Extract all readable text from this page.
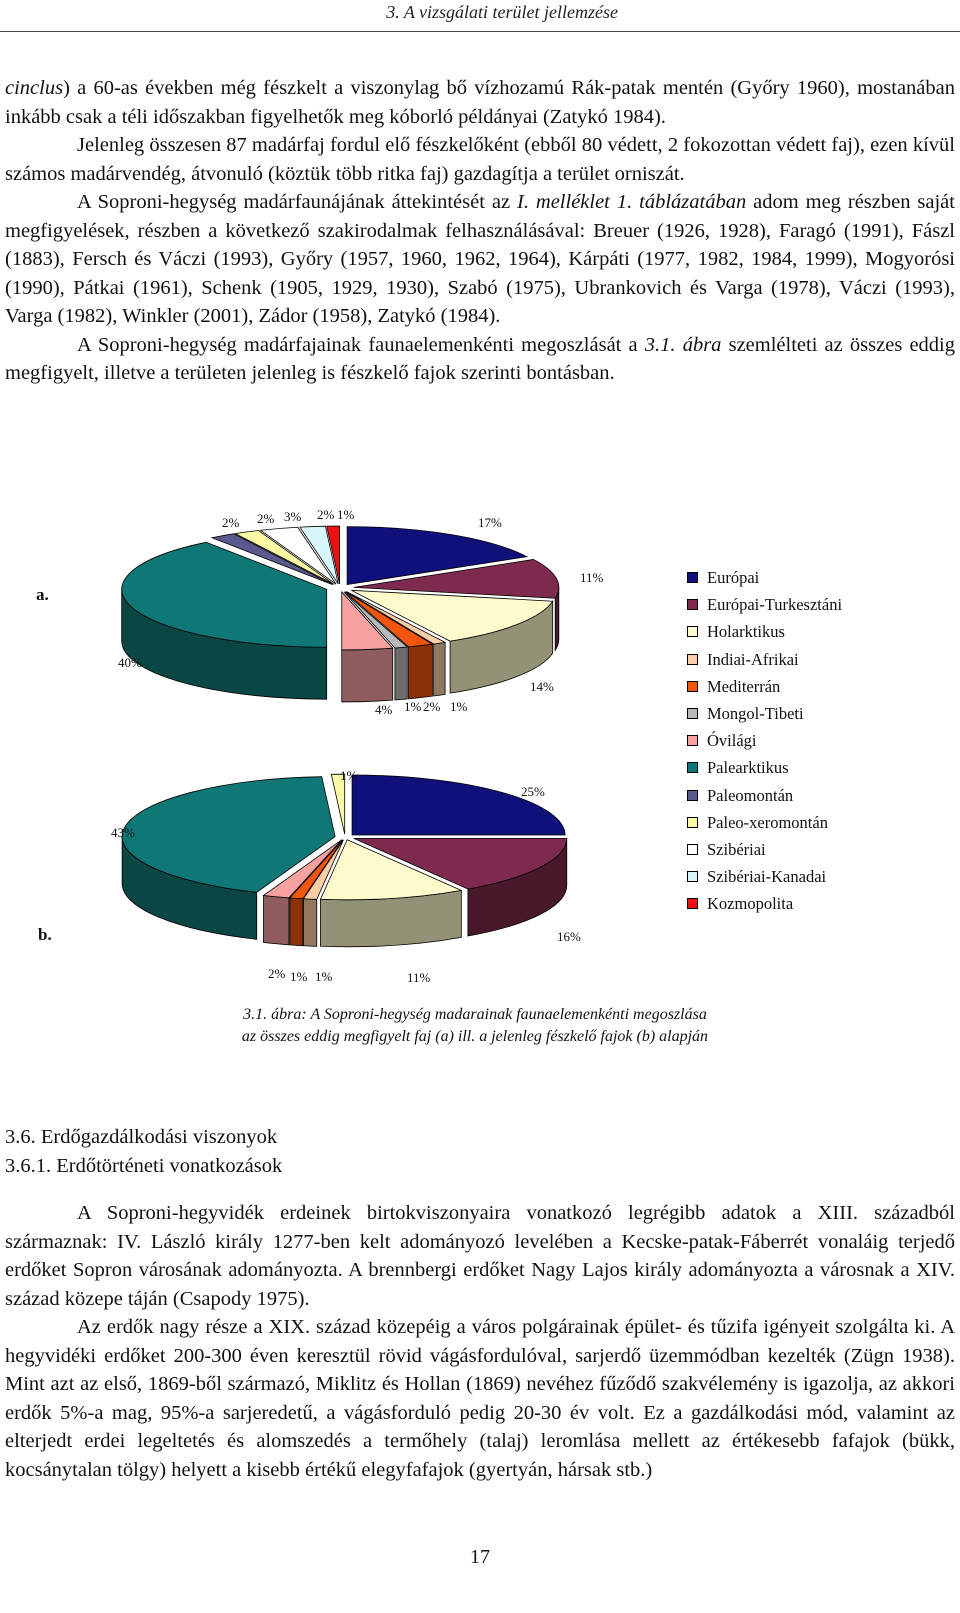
3. A vizsgálati terület jellemzése

cinclus) a 60-as években még fészkelt a viszonylag bő vízhozamú Rák-patak mentén (Győry 1960), mostanában inkább csak a téli időszakban figyelhetők meg kóborló példányai (Zatykó 1984).

Jelenleg összesen 87 madárfaj fordul elő fészkelőként (ebből 80 védett, 2 fokozottan védett faj), ezen kívül számos madárvendég, átvonuló (köztük több ritka faj) gazdagítja a terület orniszát.

A Soproni-hegység madárfaunájának áttekintését az I. melléklet 1. táblázatában adom meg részben saját megfigyelések, részben a következő szakirodalmak felhasználásával: Breuer (1926, 1928), Faragó (1991), Fászl (1883), Fersch és Váczi (1993), Győry (1957, 1960, 1962, 1964), Kárpáti (1977, 1982, 1984, 1999), Mogyorósi (1990), Pátkai (1961), Schenk (1905, 1929, 1930), Szabó (1975), Ubrankovich és Varga (1978), Váczi (1993), Varga (1982), Winkler (2001), Zádor (1958), Zatykó (1984).

A Soproni-hegység madárfajainak faunaelemenkénti megoszlását a 3.1. ábra szemlélteti az összes eddig megfigyelt, illetve a területen jelenleg is fészkelő fajok szerinti bontásban.

17%
11%
14%
1%
2%
1%
4%
40%
2% 2% 3% 2% 1%
a.
25%
16%
11%
1%
1%
2%
43%
1%
b.
Európai
Európai-Turkesztáni
Holarktikus
Indiai-Afrikai
Mediterrán
Mongol-Tibeti
Óvilági
Palearktikus
Paleomontán
Paleo-xeromontán
Szibériai
Szibériai-Kanadai
Kozmopolita
3.1. ábra: A Soproni-hegység madarainak faunaelemenkénti megoszlása
az összes eddig megfigyelt faj (a) ill. a jelenleg fészkelő fajok (b) alapján

3.6. Erdőgazdálkodási viszonyok

3.6.1. Erdőtörténeti vonatkozások

A Soproni-hegyvidék erdeinek birtokviszonyaira vonatkozó legrégibb adatok a XIII. századból származnak: IV. László király 1277-ben kelt adományozó levelében a Kecske-patak-Fáberrét vonaláig terjedő erdőket Sopron városának adományozta. A brennbergi erdőket Nagy Lajos király adományozta a városnak a XIV. század közepe táján (Csapody 1975).

Az erdők nagy része a XIX. század közepéig a város polgárainak épület- és tűzifa igényeit szolgálta ki. A hegyvidéki erdőket 200-300 éven keresztül rövid vágásfordulóval, sarjerdő üzemmódban kezelték (Zügn 1938). Mint azt az első, 1869-ből származó, Miklitz és Hollan (1869) nevéhez fűződő szakvélemény is igazolja, az akkori erdők 5%-a mag, 95%-a sarjeredetű, a vágásforduló pedig 20-30 év volt. Ez a gazdálkodási mód, valamint az elterjedt erdei legeltetés és alomszedés a termőhely (talaj) leromlása mellett az értékesebb fafajok (bükk, kocsánytalan tölgy) helyett a kisebb értékű elegyfafajok (gyertyán, hársak stb.)

17
